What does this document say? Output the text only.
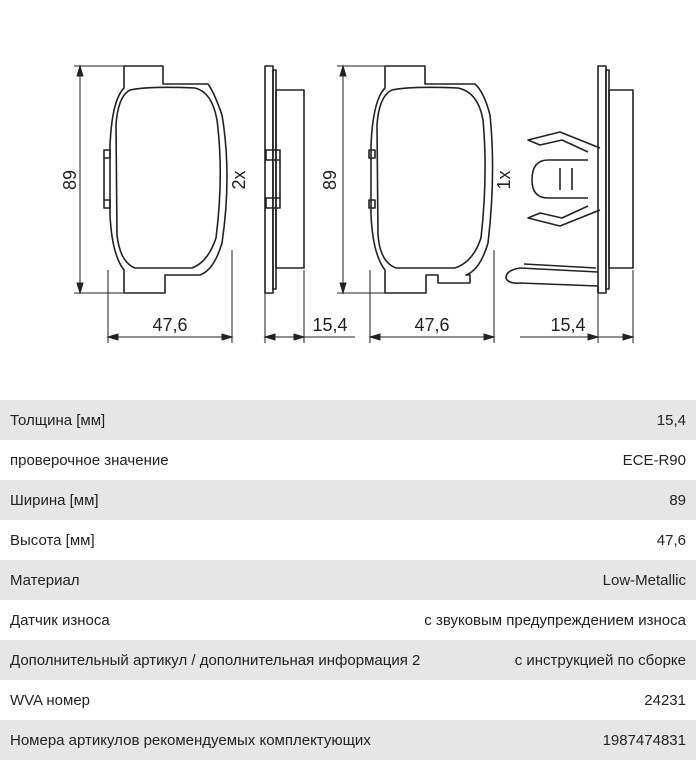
89	2x	89	1x
47,6	15,4	47,6	15,4
Толщина [мм]	15,4
проверочное значение	ECE-R90
Ширина [мм]	89
Высота [мм]	47,6
Материал	Low-Metallic
Датчик износа	с звуковым предупреждением износа
Дополнительный артикул / дополнительная информация 2	с инструкцией по сборке
WVA номер	24231
Номера артикулов рекомендуемых комплектующих	1987474831
